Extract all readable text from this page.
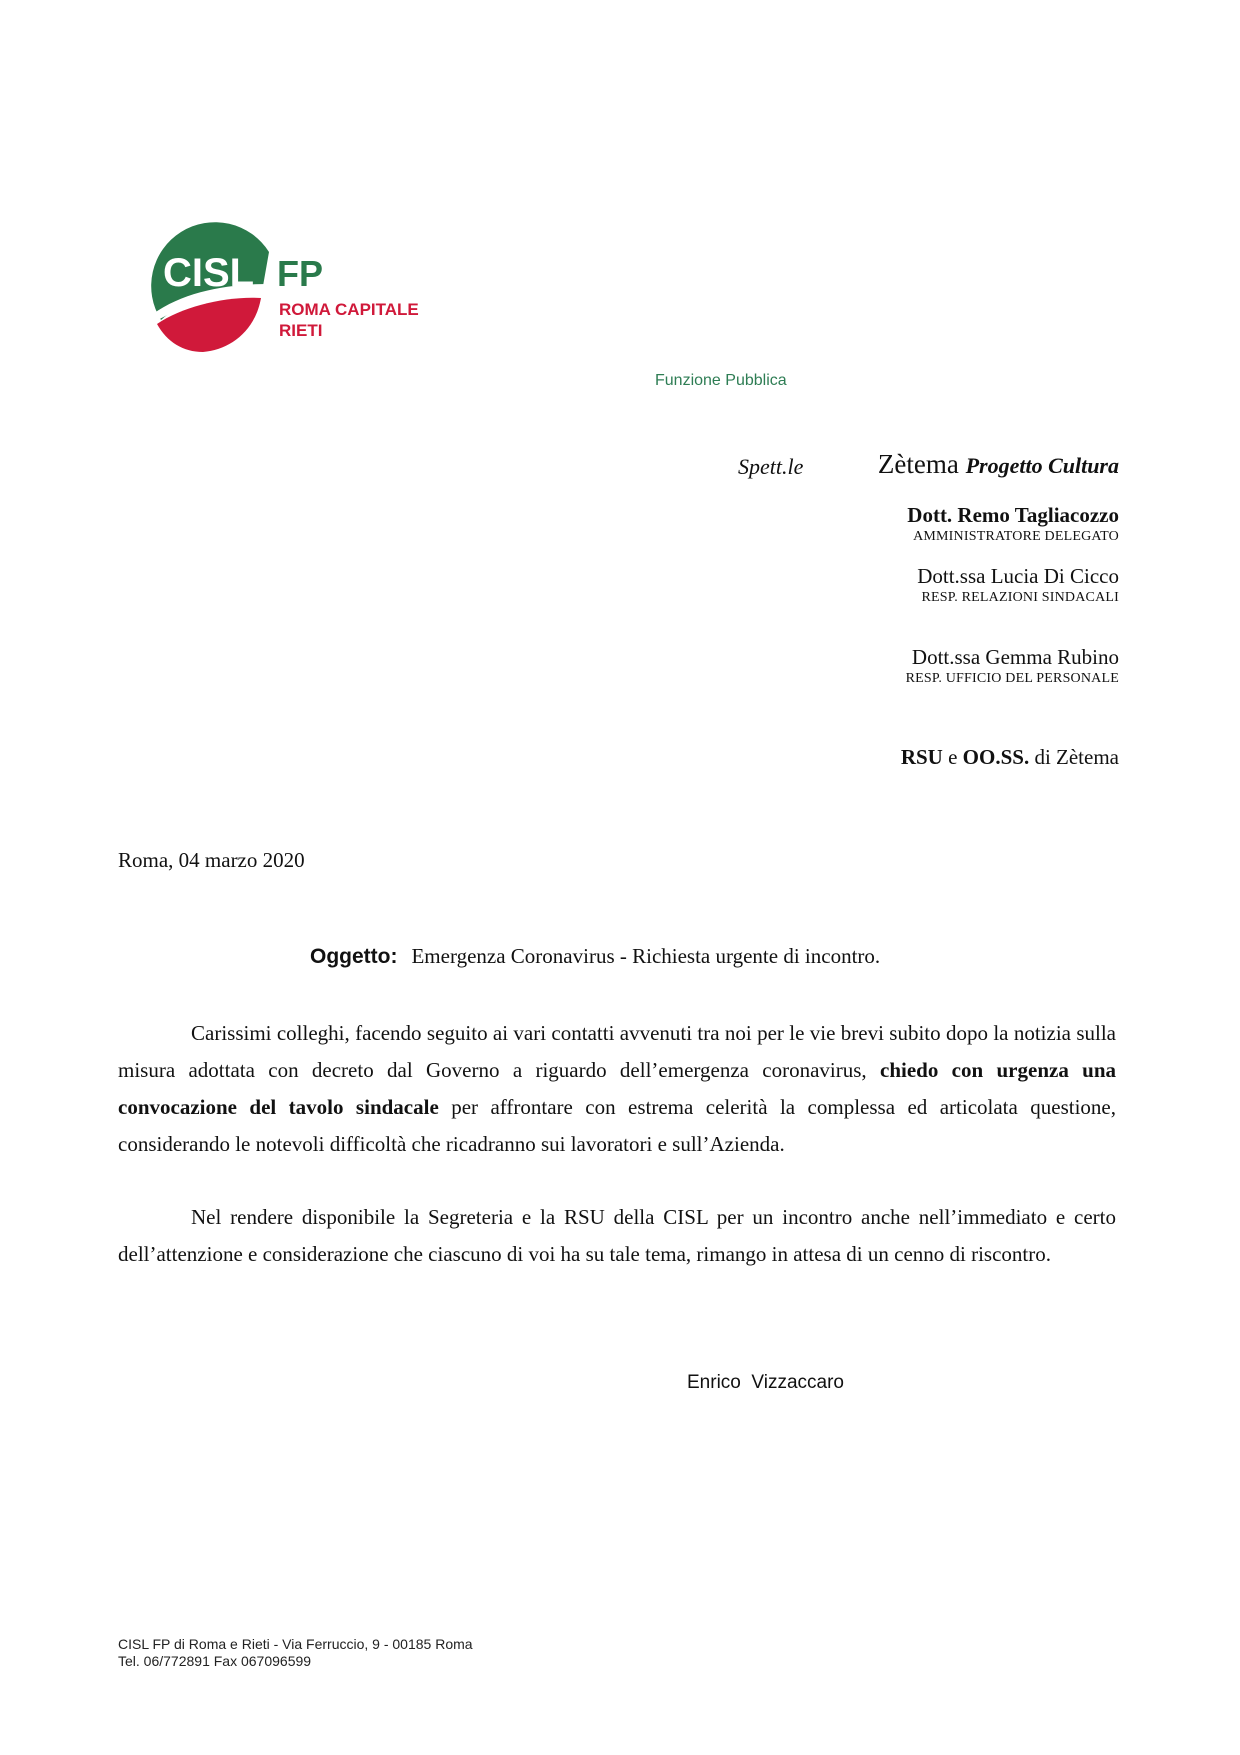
CISL FP
ROMA CAPITALE
RIETI
Funzione Pubblica
Spett.le	Zètema Progetto Cultura
Dott. Remo Tagliacozzo
AMMINISTRATORE DELEGATO
Dott.ssa Lucia Di Cicco
RESP. RELAZIONI SINDACALI
Dott.ssa Gemma Rubino
RESP. UFFICIO DEL PERSONALE
RSU e OO.SS. di Zètema
Roma, 04 marzo 2020
Oggetto: Emergenza Coronavirus - Richiesta urgente di incontro.

Carissimi colleghi, facendo seguito ai vari contatti avvenuti tra noi per le vie brevi subito dopo la notizia sulla misura adottata con decreto dal Governo a riguardo dell’emergenza coronavirus, chiedo con urgenza una convocazione del tavolo sindacale per affrontare con estrema celerità la complessa ed articolata questione, considerando le notevoli difficoltà che ricadranno sui lavoratori e sull’Azienda.

Nel rendere disponibile la Segreteria e la RSU della CISL per un incontro anche nell’immediato e certo dell’attenzione e considerazione che ciascuno di voi ha su tale tema, rimango in attesa di un cenno di riscontro.

Enrico  Vizzaccaro
CISL FP di Roma e Rieti - Via Ferruccio, 9 - 00185 Roma
Tel. 06/772891 Fax 067096599
